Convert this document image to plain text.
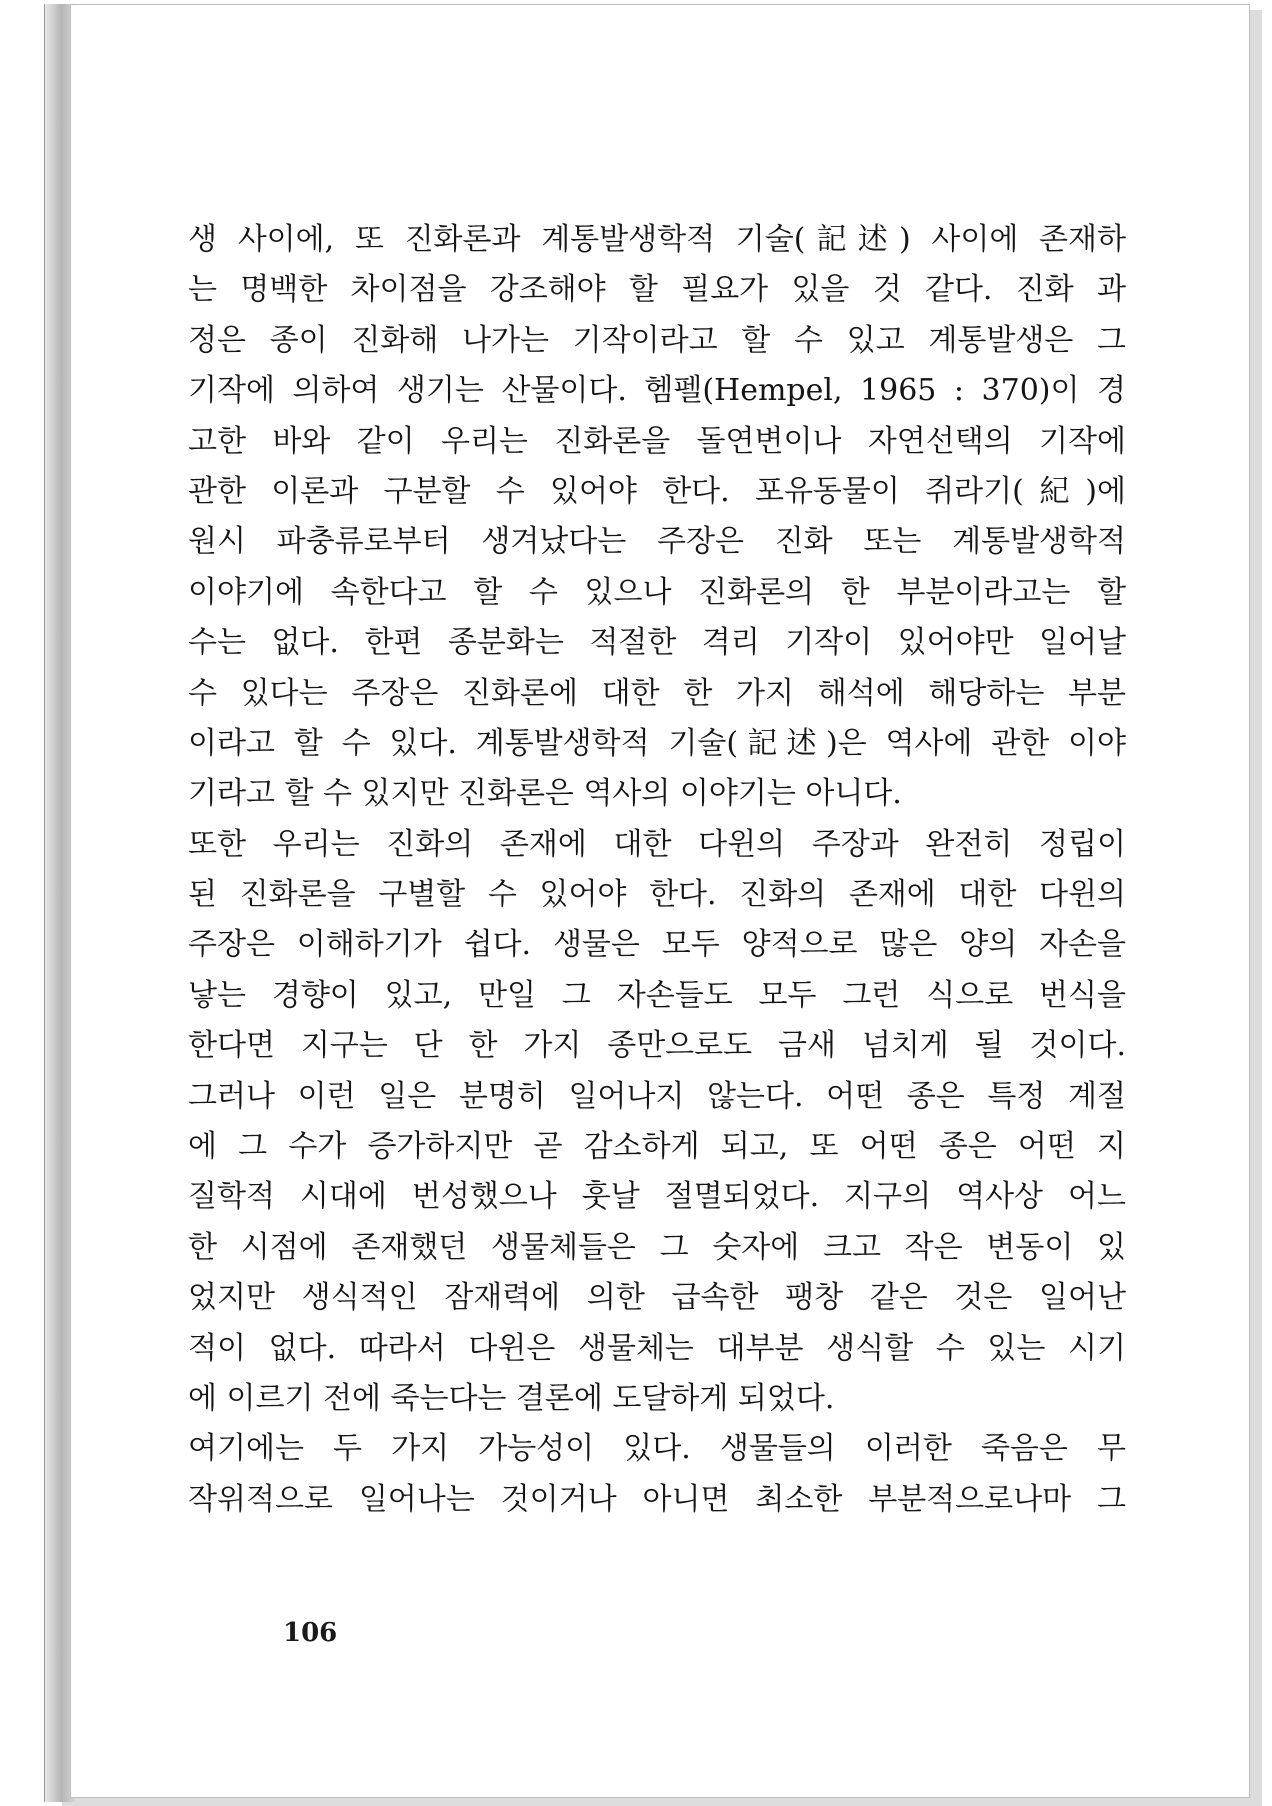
생 사이에, 또 진화론과 계통발생학적 기술(記述) 사이에 존재하
는 명백한 차이점을 강조해야 할 필요가 있을 것 같다. 진화 과
정은 종이 진화해 나가는 기작이라고 할 수 있고 계통발생은 그
기작에 의하여 생기는 산물이다. 헴펠(Hempel, 1965 : 370)이 경
고한 바와 같이 우리는 진화론을 돌연변이나 자연선택의 기작에
관한 이론과 구분할 수 있어야 한다. 포유동물이 쥐라기(紀)에
원시 파충류로부터 생겨났다는 주장은 진화 또는 계통발생학적
이야기에 속한다고 할 수 있으나 진화론의 한 부분이라고는 할
수는 없다. 한편 종분화는 적절한 격리 기작이 있어야만 일어날
수 있다는 주장은 진화론에 대한 한 가지 해석에 해당하는 부분
이라고 할 수 있다. 계통발생학적 기술(記述)은 역사에 관한 이야
기라고 할 수 있지만 진화론은 역사의 이야기는 아니다.
또한 우리는 진화의 존재에 대한 다윈의 주장과 완전히 정립이
된 진화론을 구별할 수 있어야 한다. 진화의 존재에 대한 다윈의
주장은 이해하기가 쉽다. 생물은 모두 양적으로 많은 양의 자손을
낳는 경향이 있고, 만일 그 자손들도 모두 그런 식으로 번식을
한다면 지구는 단 한 가지 종만으로도 금새 넘치게 될 것이다.
그러나 이런 일은 분명히 일어나지 않는다. 어떤 종은 특정 계절
에 그 수가 증가하지만 곧 감소하게 되고, 또 어떤 종은 어떤 지
질학적 시대에 번성했으나 훗날 절멸되었다. 지구의 역사상 어느
한 시점에 존재했던 생물체들은 그 숫자에 크고 작은 변동이 있
었지만 생식적인 잠재력에 의한 급속한 팽창 같은 것은 일어난
적이 없다. 따라서 다윈은 생물체는 대부분 생식할 수 있는 시기
에 이르기 전에 죽는다는 결론에 도달하게 되었다.
여기에는 두 가지 가능성이 있다. 생물들의 이러한 죽음은 무
작위적으로 일어나는 것이거나 아니면 최소한 부분적으로나마 그
106
